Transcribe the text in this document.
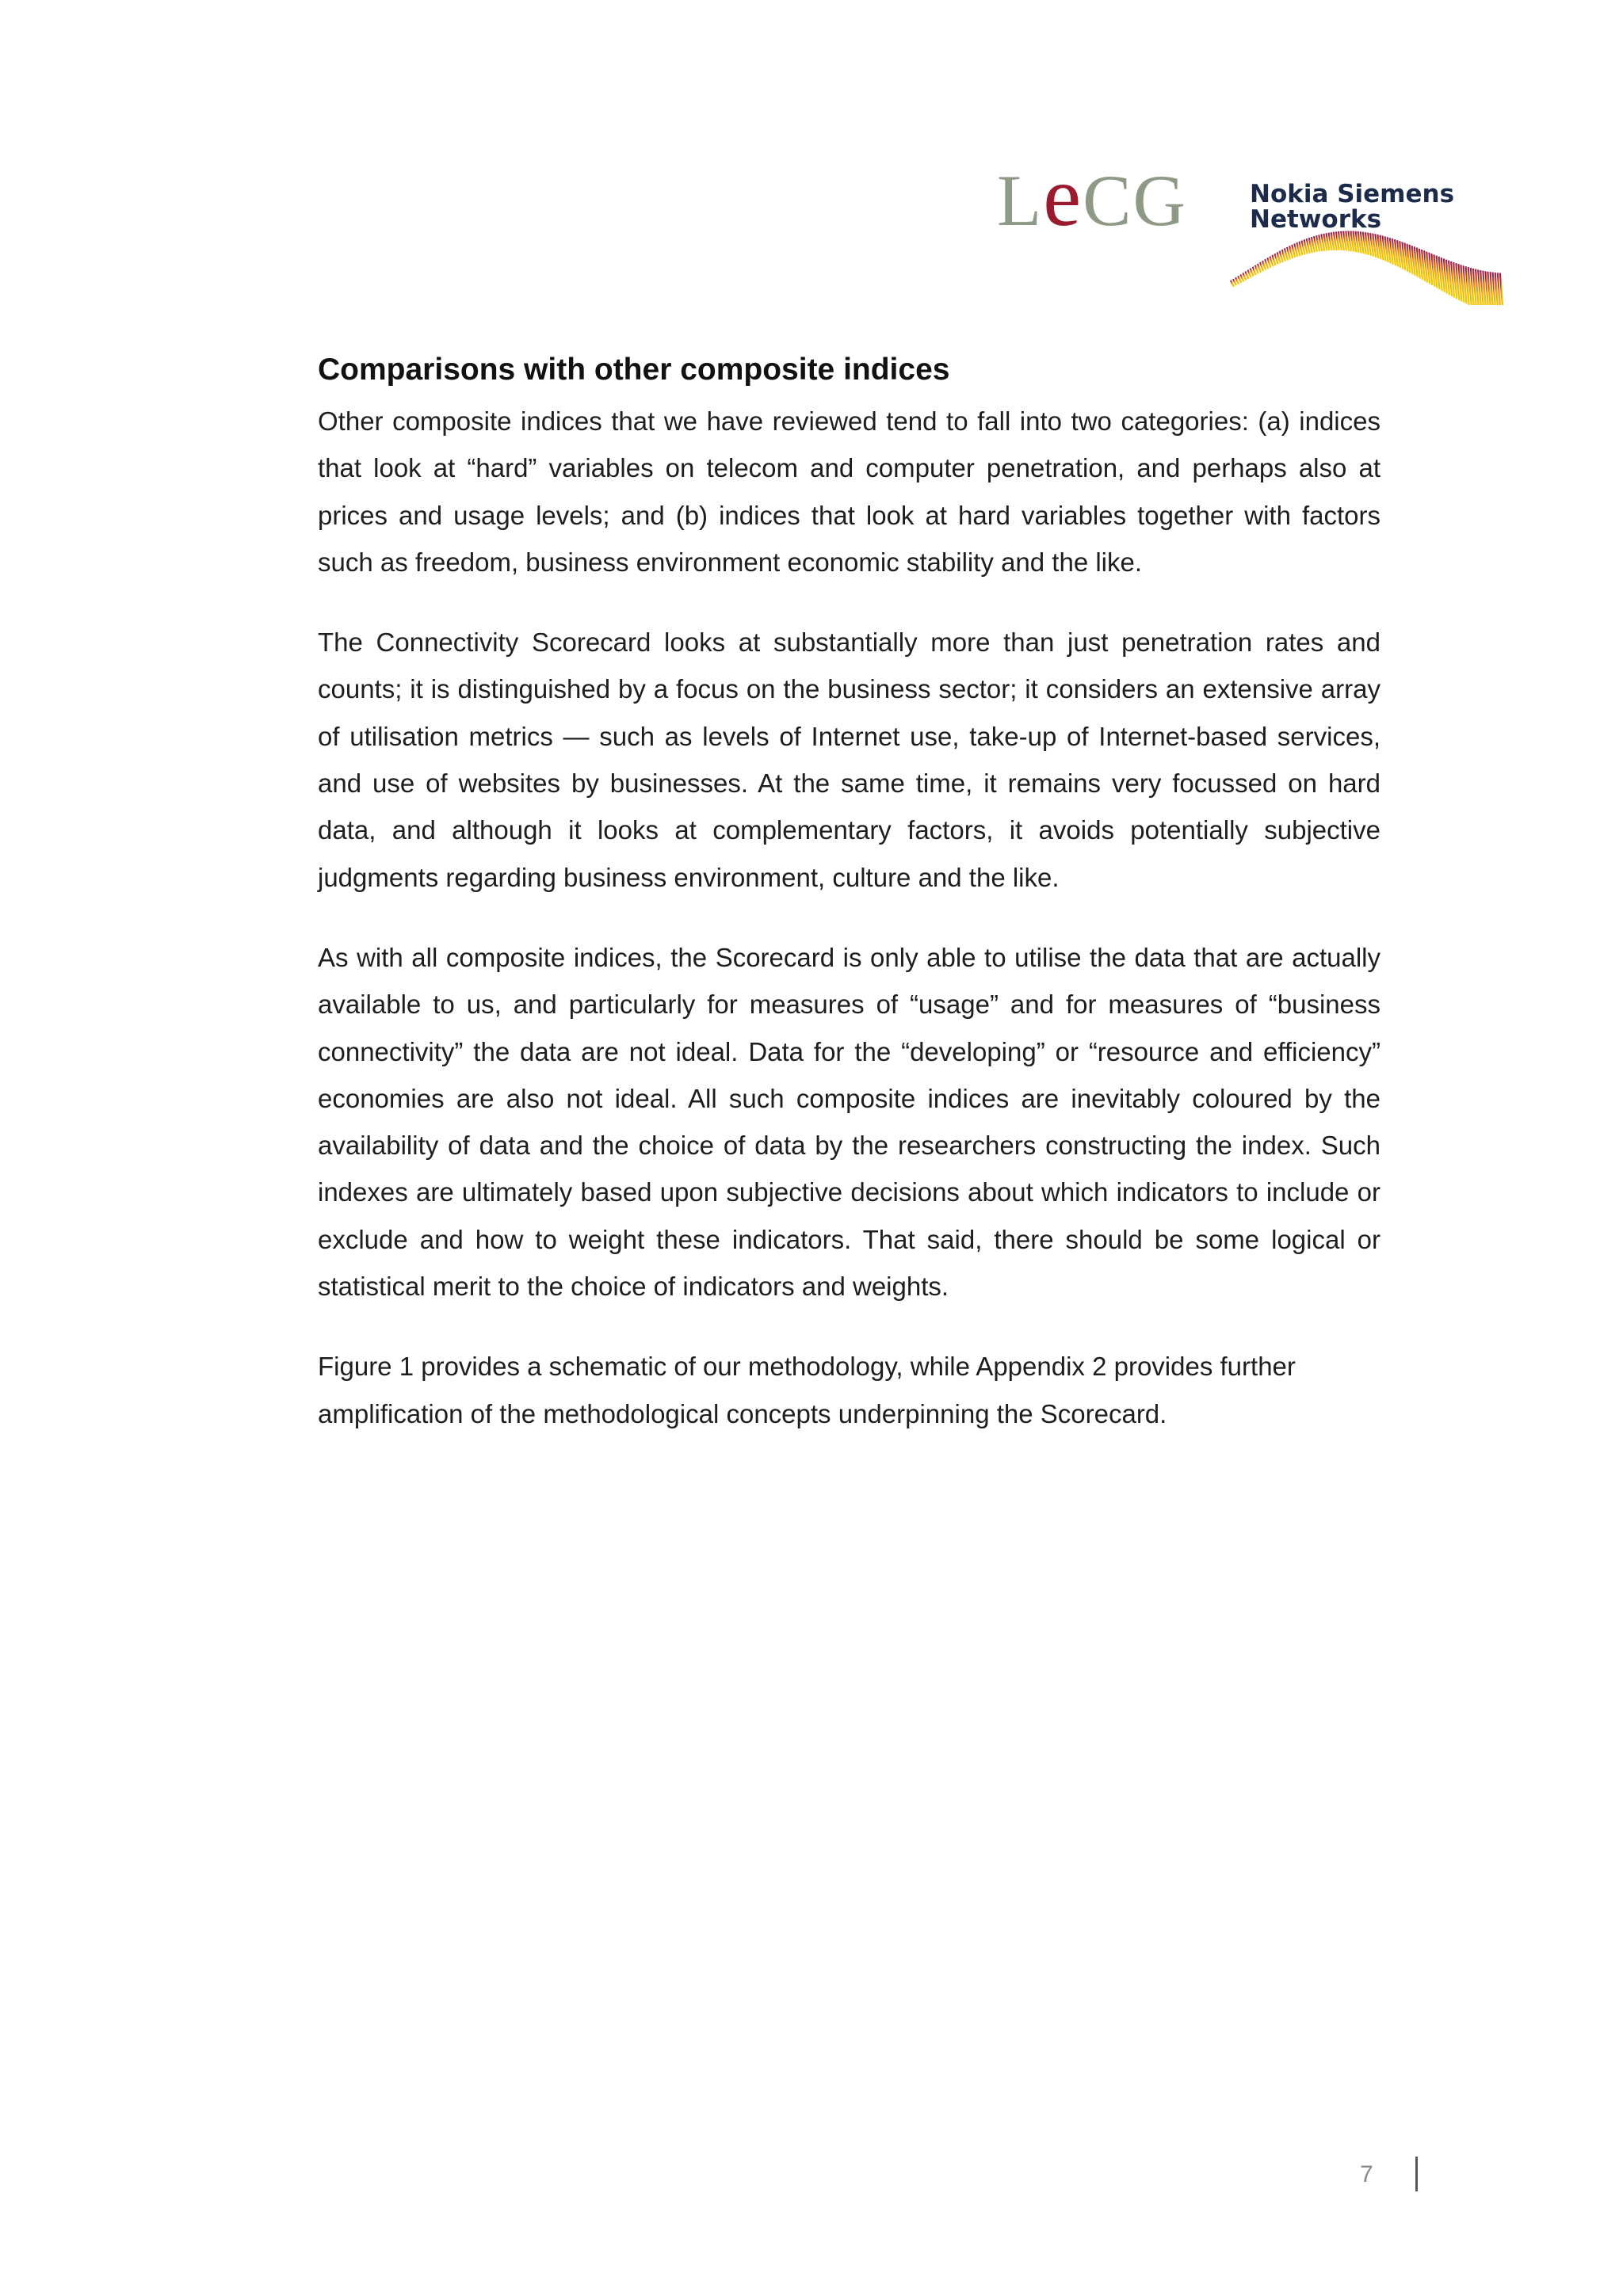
LeCG	Nokia Siemens
Networks
Comparisons with other composite indices

Other composite indices that we have reviewed tend to fall into two categories: (a) indices that look at “hard” variables on telecom and computer penetration, and perhaps also at prices and usage levels; and (b) indices that look at hard variables together with factors such as freedom, business environment economic stability and the like.

The Connectivity Scorecard looks at substantially more than just penetration rates and counts; it is distinguished by a focus on the business sector; it considers an extensive array of utilisation metrics — such as levels of Internet use, take-up of Internet-based services, and use of websites by businesses. At the same time, it remains very focussed on hard data, and although it looks at complementary factors, it avoids potentially subjective judgments regarding business environment, culture and the like.

As with all composite indices, the Scorecard is only able to utilise the data that are actually available to us, and particularly for measures of “usage” and for measures of “business connectivity” the data are not ideal. Data for the “developing” or “resource and efficiency” economies are also not ideal. All such composite indices are inevitably coloured by the availability of data and the choice of data by the researchers constructing the index. Such indexes are ultimately based upon subjective decisions about which indicators to include or exclude and how to weight these indicators. That said, there should be some logical or statistical merit to the choice of indicators and weights.

Figure 1 provides a schematic of our methodology, while Appendix 2 provides further amplification of the methodological concepts underpinning the Scorecard.

7
